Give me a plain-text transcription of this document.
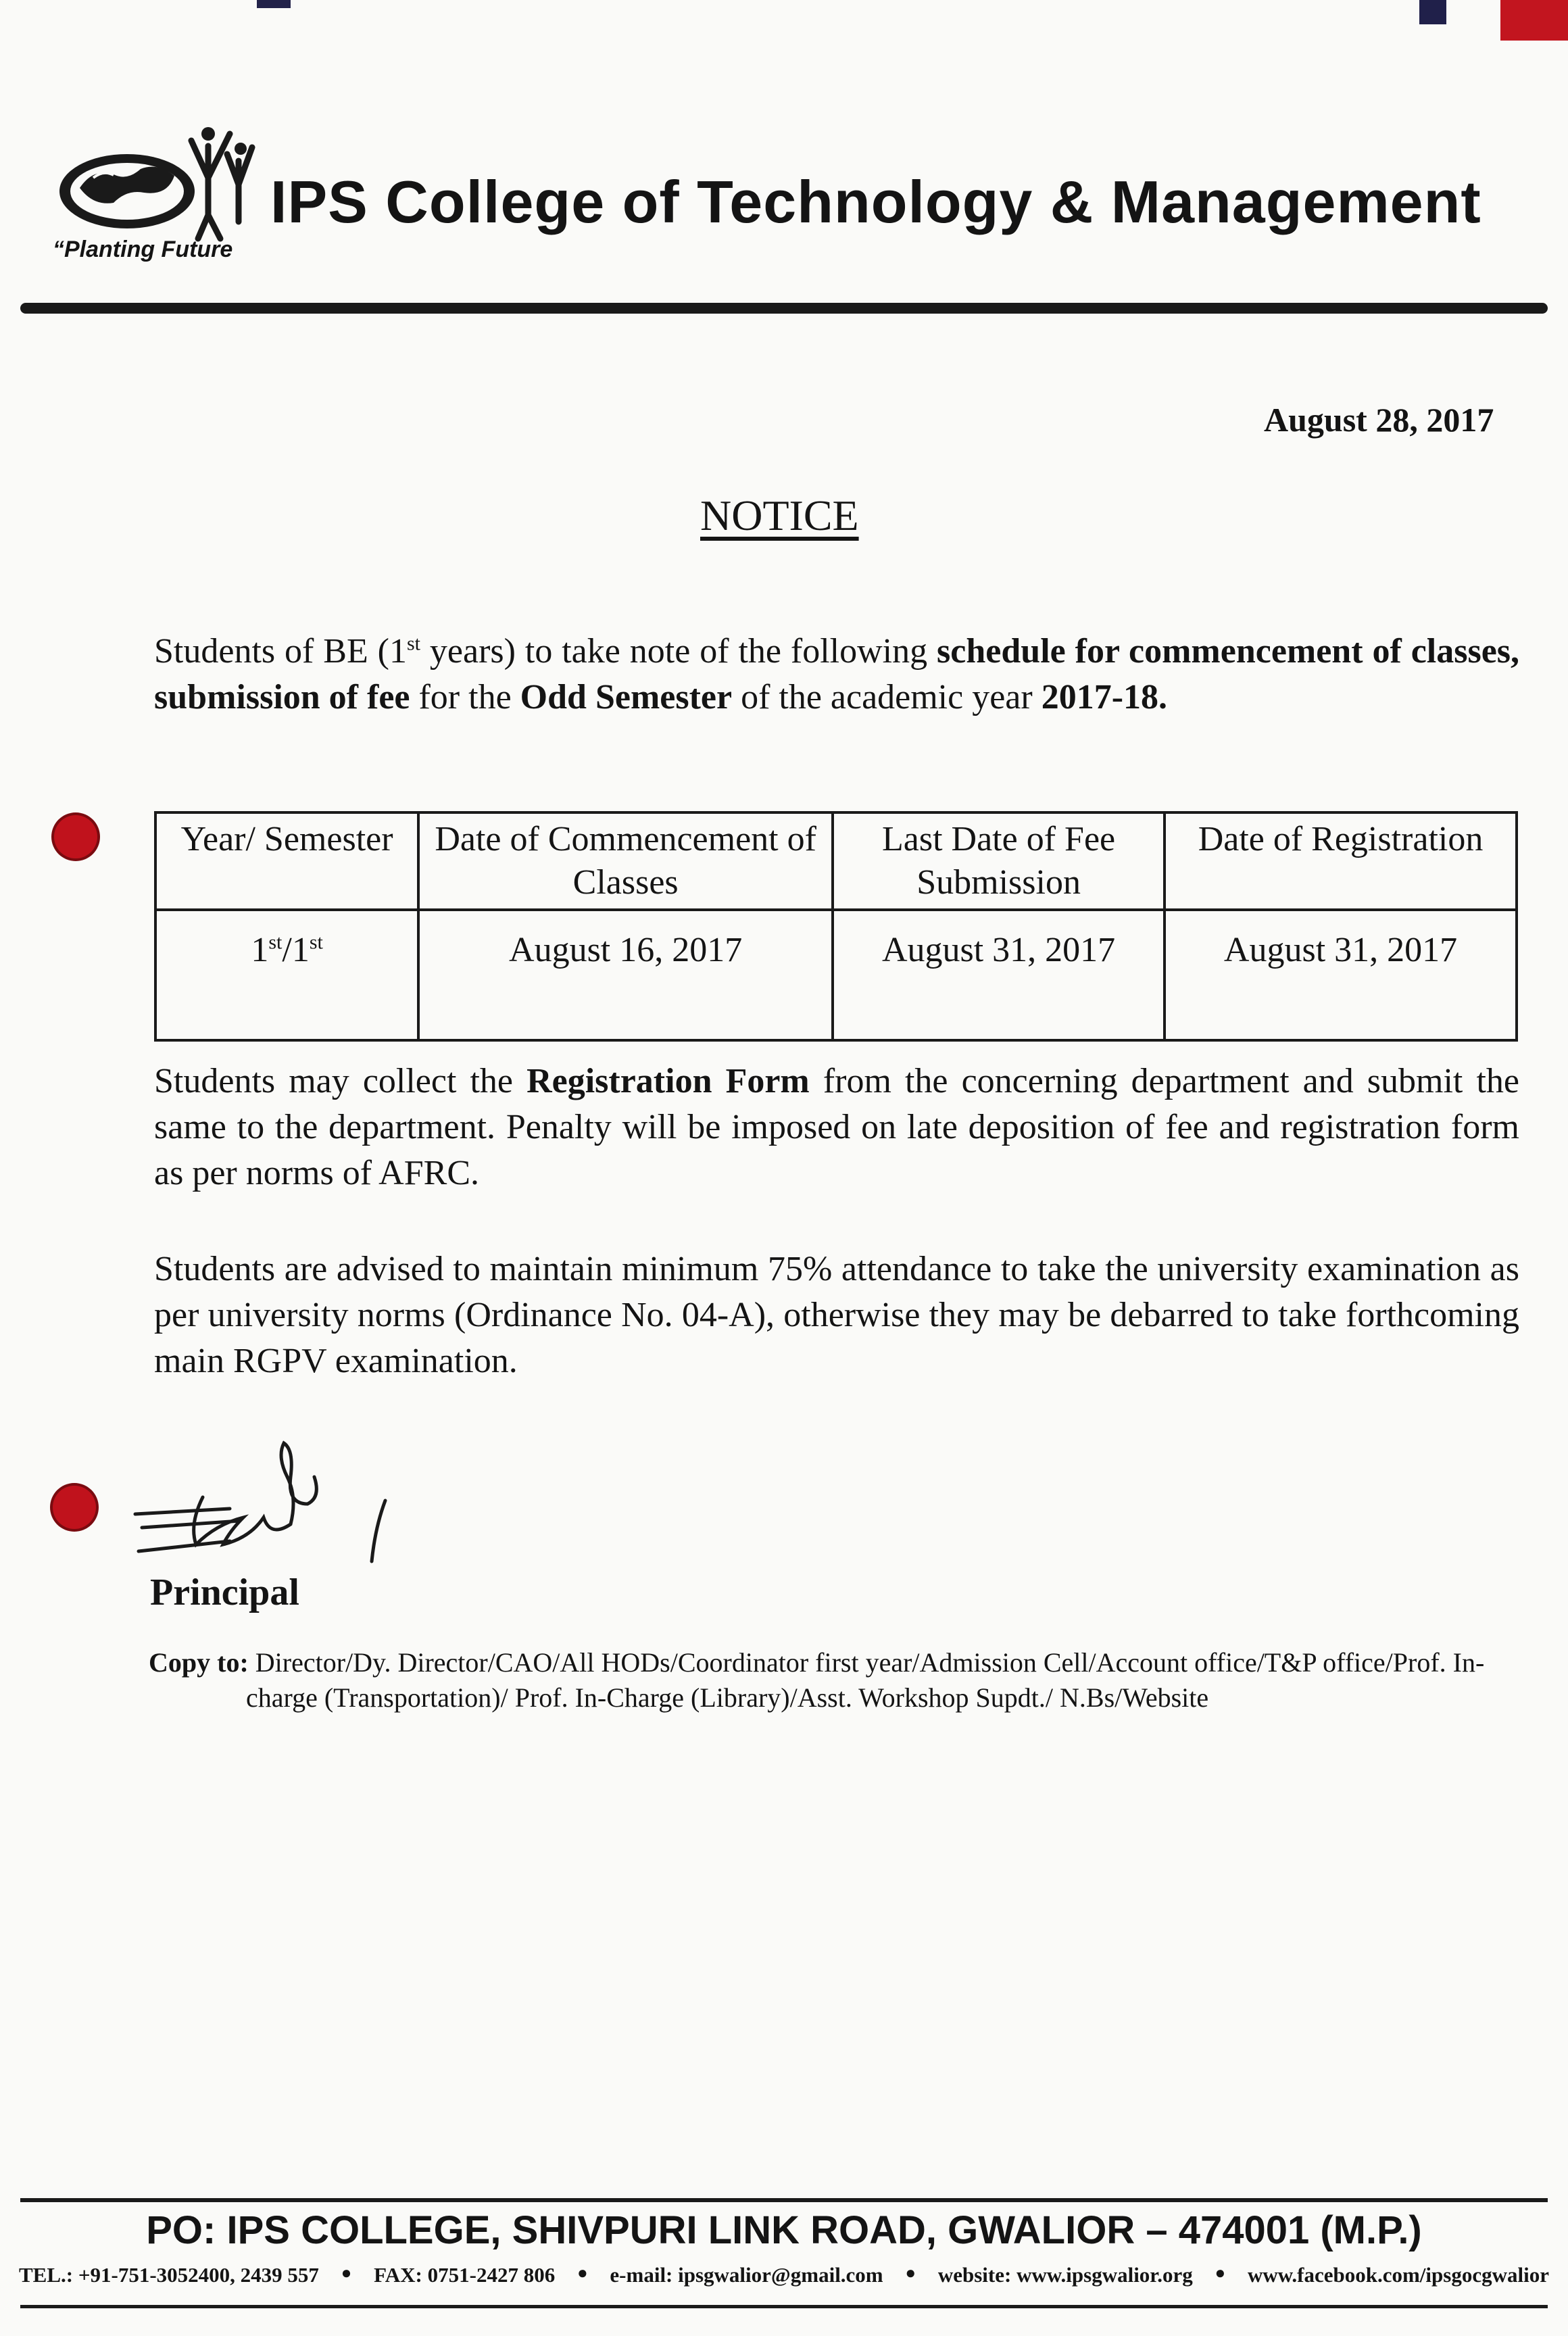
“Planting Future
IPS College of Technology & Management
August 28, 2017
NOTICE
Students of BE (1st years) to take note of the following schedule for commencement of classes, submission of fee for the Odd Semester of the academic year 2017-18.
Year/ Semester	Date of Commencement of Classes	Last Date of Fee Submission	Date of Registration
1st/1st	August 16, 2017	August 31, 2017	August 31, 2017
Students may collect the Registration Form from the concerning department and submit the same to the department. Penalty will be imposed on late deposition of fee and registration form as per norms of AFRC.
Students are advised to maintain minimum 75% attendance to take the university examination as per university norms (Ordinance No. 04-A), otherwise they may be debarred to take forthcoming main RGPV examination.
Principal
Copy to: Director/Dy. Director/CAO/All HODs/Coordinator first year/Admission Cell/Account office/T&P office/Prof. In-
charge (Transportation)/ Prof. In-Charge (Library)/Asst. Workshop Supdt./ N.Bs/Website
PO: IPS COLLEGE, SHIVPURI LINK ROAD, GWALIOR – 474001 (M.P.)
TEL.: +91-751-3052400, 2439 557 ● FAX: 0751-2427 806 ● e-mail: ipsgwalior@gmail.com ● website: www.ipsgwalior.org ● www.facebook.com/ipsgocgwalior
